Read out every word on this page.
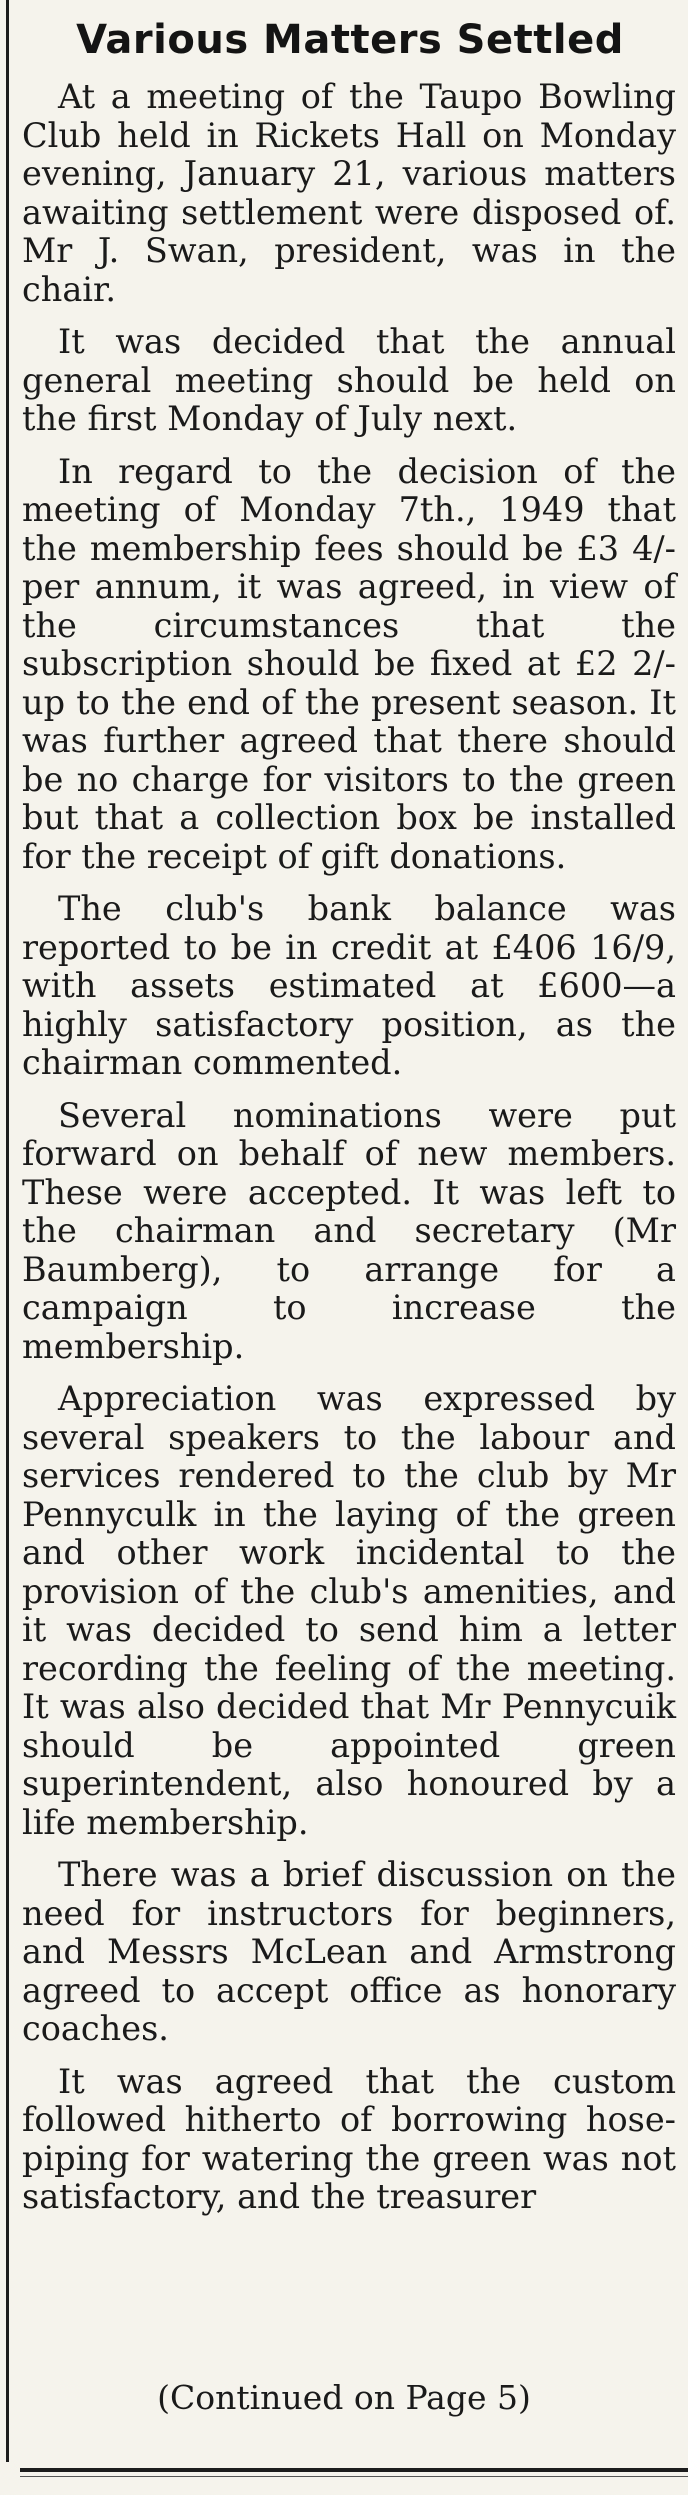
Various Matters Settled

At a meeting of the Taupo Bowling Club held in Rickets Hall on Monday evening, January 21, various matters awaiting settlement were disposed of. Mr J. Swan, president, was in the chair.

It was decided that the annual general meeting should be held on the first Monday of July next.

In regard to the decision of the meeting of Monday 7th., 1949 that the membership fees should be £3 4/- per annum, it was agreed, in view of the circumstances that the subscription should be fixed at £2 2/- up to the end of the present season. It was further agreed that there should be no charge for visitors to the green but that a collection box be installed for the receipt of gift donations.

The club's bank balance was reported to be in credit at £406 16/9, with assets estimated at £600—a highly satisfactory position, as the chairman commented.

Several nominations were put forward on behalf of new members. These were accepted. It was left to the chairman and secretary (Mr Baumberg), to arrange for a campaign to increase the membership.

Appreciation was expressed by several speakers to the labour and services rendered to the club by Mr Pennyculk in the laying of the green and other work incidental to the provision of the club's amenities, and it was decided to send him a letter recording the feeling of the meeting. It was also decided that Mr Pennycuik should be appointed green superintendent, also honoured by a life membership.

There was a brief discussion on the need for instructors for beginners, and Messrs McLean and Armstrong agreed to accept office as honorary coaches.

It was agreed that the custom followed hitherto of borrowing hose-piping for watering the green was not satisfactory, and the treasurer

(Continued on Page 5)
